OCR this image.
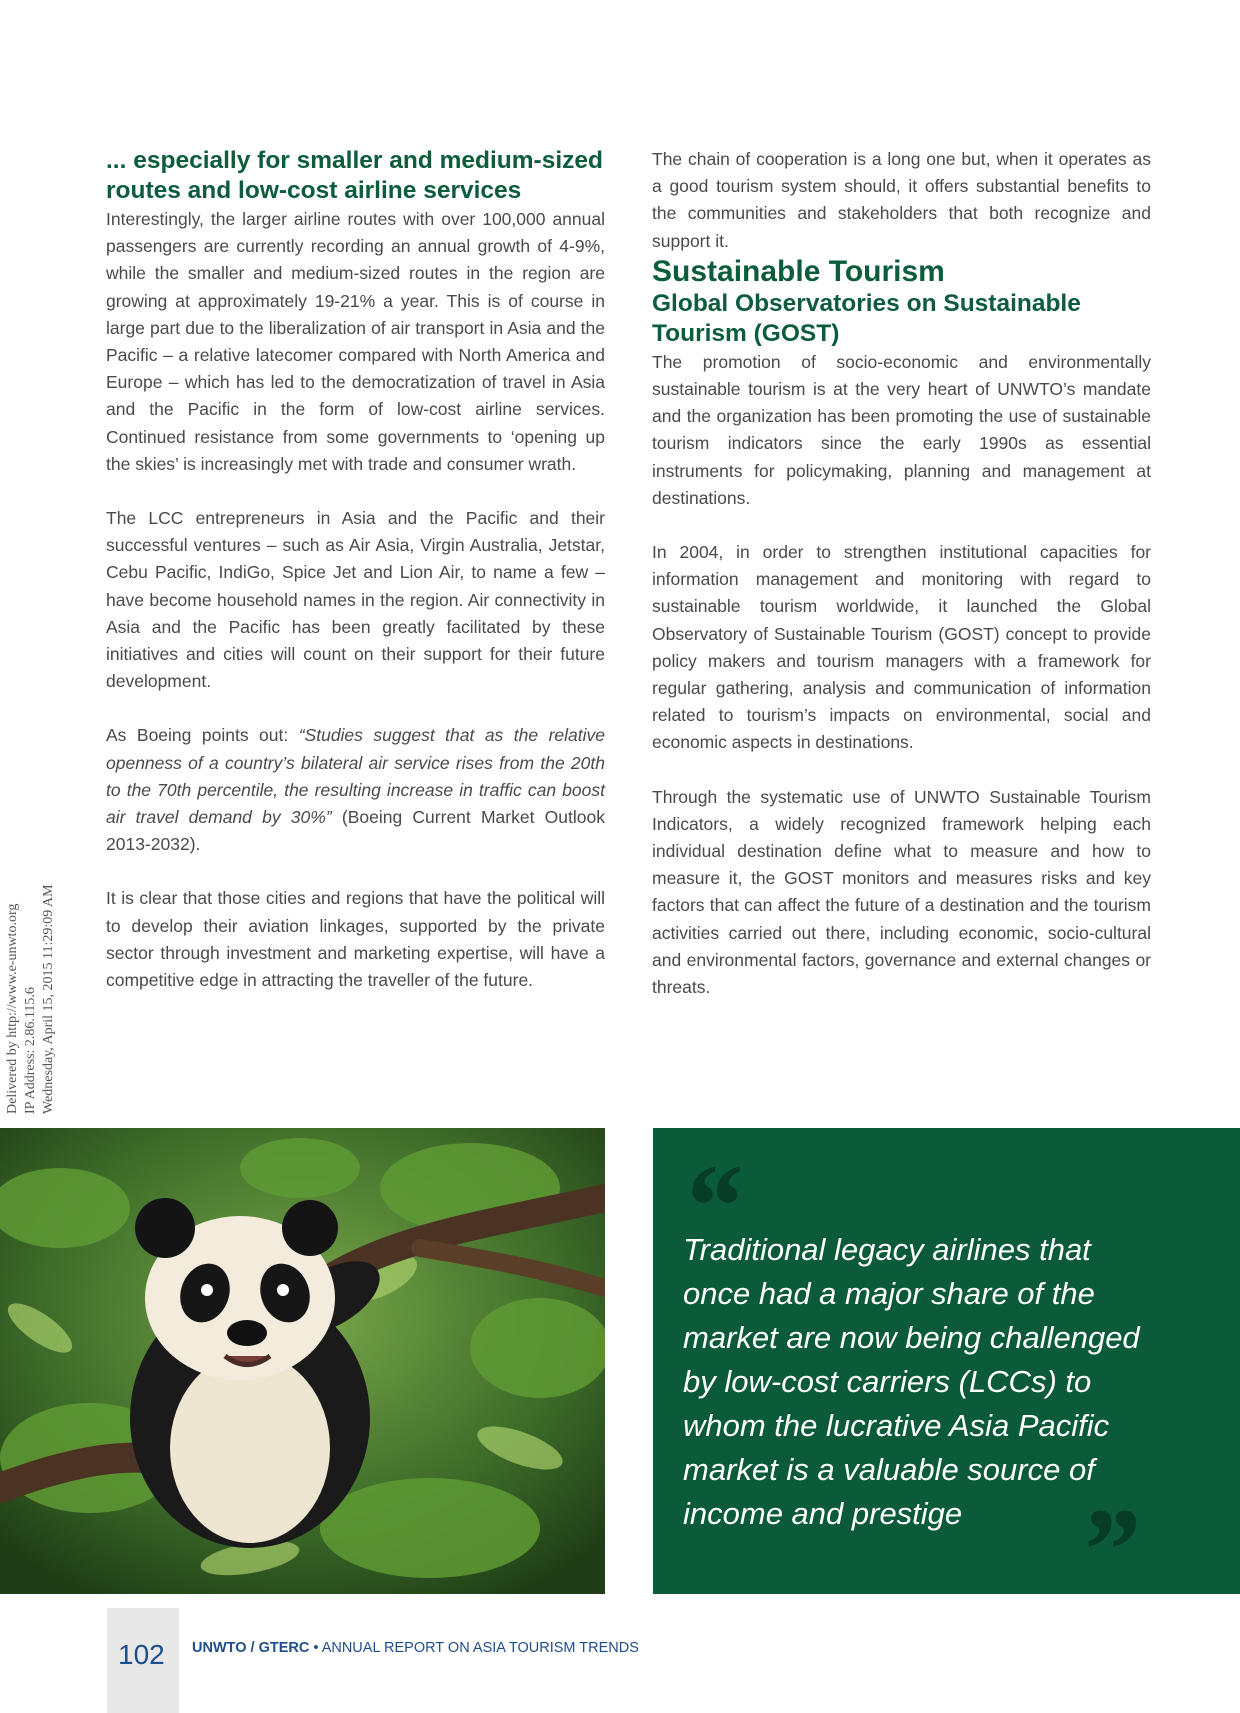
... especially for smaller and medium-sized routes and low-cost airline services

Interestingly, the larger airline routes with over 100,000 annual passengers are currently recording an annual growth of 4-9%, while the smaller and medium-sized routes in the region are growing at approximately 19-21% a year. This is of course in large part due to the liberalization of air transport in Asia and the Pacific – a relative latecomer compared with North America and Europe – which has led to the democratization of travel in Asia and the Pacific in the form of low-cost airline services. Continued resistance from some governments to ‘opening up the skies’ is increasingly met with trade and consumer wrath.

The LCC entrepreneurs in Asia and the Pacific and their successful ventures – such as Air Asia, Virgin Australia, Jetstar, Cebu Pacific, IndiGo, Spice Jet and Lion Air, to name a few – have become household names in the region. Air connectivity in Asia and the Pacific has been greatly facilitated by these initiatives and cities will count on their support for their future development.

As Boeing points out: “Studies suggest that as the relative openness of a country’s bilateral air service rises from the 20th to the 70th percentile, the resulting increase in traffic can boost air travel demand by 30%” (Boeing Current Market Outlook 2013-2032).

It is clear that those cities and regions that have the political will to develop their aviation linkages, supported by the private sector through investment and marketing expertise, will have a competitive edge in attracting the traveller of the future.

The chain of cooperation is a long one but, when it operates as a good tourism system should, it offers substantial benefits to the communities and stakeholders that both recognize and support it.

Sustainable Tourism
Global Observatories on Sustainable Tourism (GOST)

The promotion of socio-economic and environmentally sustainable tourism is at the very heart of UNWTO’s mandate and the organization has been promoting the use of sustainable tourism indicators since the early 1990s as essential instruments for policymaking, planning and management at destinations.

In 2004, in order to strengthen institutional capacities for information management and monitoring with regard to sustainable tourism worldwide, it launched the Global Observatory of Sustainable Tourism (GOST) concept to provide policy makers and tourism managers with a framework for regular gathering, analysis and communication of information related to tourism’s impacts on environmental, social and economic aspects in destinations.

Through the systematic use of UNWTO Sustainable Tourism Indicators, a widely recognized framework helping each individual destination define what to measure and how to measure it, the GOST monitors and measures risks and key factors that can affect the future of a destination and the tourism activities carried out there, including economic, socio-cultural and environmental factors, governance and external changes or threats.

Delivered by http://www.e-unwto.org IP Address: 2.86.115.6 Wednesday, April 15, 2015 11:29:09 AM
“
Traditional legacy airlines that once had a major share of the market are now being challenged by low-cost carriers (LCCs) to whom the lucrative Asia Pacific market is a valuable source of income and prestige ”
102 UNWTO / GTERC • ANNUAL REPORT ON ASIA TOURISM TRENDS
